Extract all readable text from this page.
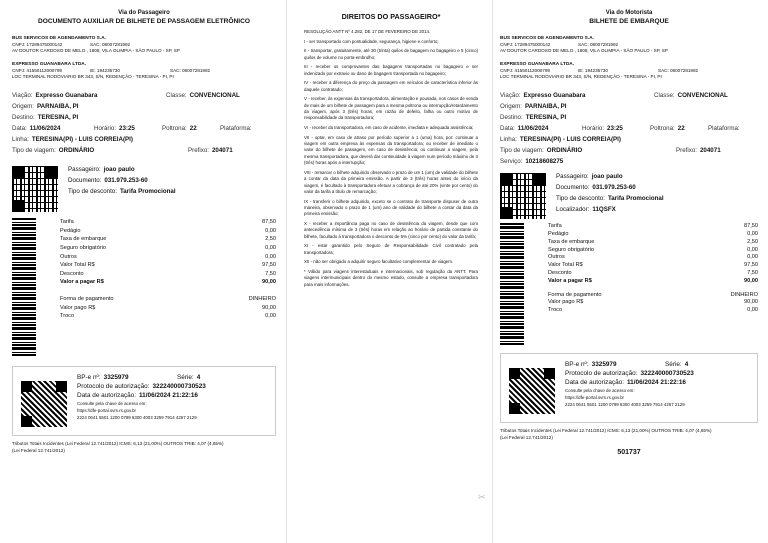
Via do Passageiro
DOCUMENTO AUXILIAR DE BILHETE DE PASSAGEM ELETRÔNICO
BUS SERVICOS DE AGENDAMENTO S.A.
CNPJ: 17289475000142	SAC: 08007281992
AV DOUTOR CARDOSO DE MELO , 1608, VILA OLIMPIA - SÃO PAULO - SP, SP
EXPRESSO GUANABARA LTDA.
CNPJ: 41550112000799	IE: 194236730	SAC: 08007281992
LOC TERMINAL RODOVIARIO BR 343, S/N, REDENÇÃO - TERESINA - PI, PI
Viação: Expresso Guanabara	Classe: CONVENCIONAL
Origem: PARNAIBA, PI
Destino: TERESINA, PI
Data: 11/06/2024	Horário: 23:25	Poltrona: 22	Plataforma:
Linha: TERESINA(PI) - LUIS CORREIA(PI)
Tipo de viagem: ORDINÁRIO	Prefixo: 204071
Passageiro: joao paulo
Documento: 031.979.253-60
Tipo de desconto: Tarifa Promocional
Tarifa	87,50
Pedágio	0,00
Taxa de embarque	2,50
Seguro obrigatório	0,00
Outros	0,00
Valor Total R$	97,50
Desconto	7,50
Valor a pagar R$	90,00
Forma de pagamento	DINHEIRO
Valor pago R$	90,00
Troco	0,00
BP-e nº: 3325979	Série: 4
Protocolo de autorização: 322240000730523
Data de autorização: 11/06/2024 21:22:16
Consulte pela chave de acesso em:
https://dfe-portal.svrs.rs.gov.br
2224 0641 5501 1200 0799 6300 4003 3259 7914 4267 2129
Tributos Totais Incidentes (Lei Federal 12.741/2012) ICMS: 6,13 (21,00%) OUTROS TRIB: 4,07 (4,65%)
(Lei Federal 12.741/2012)
DIREITOS DO PASSAGEIRO*

RESOLUÇÃO ANTT Nº 4.282, DE 17 DE FEVEREIRO DE 2014.

I - ser transportado com pontualidade, segurança, higiene e conforto;

II - transportar, gratuitamente, até 30 (trinta) quilos de bagagem no bagageiro e 5 (cinco) quilos de volume no porta-embrulho;

III - receber os comprovantes das bagagens transportadas no bagageiro e ser indenizado por extravio ou dano de bagagem transportada no bagageiro;

IV - receber a diferença do preço da passagem em veículos de característica inferior às daquele contratado;

V - receber, às expensas da transportadora, alimentação e pousada, nos casos de venda de mais de um bilhete de passagem para a mesma poltrona ou interrupção/retardamento da viagem, após 3 (três) horas, em razão de defeito, falha ou outro motivo de responsabilidade da transportadora;

VI - receber da transportadora, em caso de acidente, imediata e adequada assistência;

VII - optar, em caso de atraso por período superior a 1 (uma) hora, por: continuar a viagem em outra empresa às expensas da transportadora; ou receber de imediato o valor do bilhete de passagem, em caso de desistência; ou continuar a viagem, pela mesma transportadora, que deverá dar continuidade à viagem num período máximo de 3 (três) horas após a interrupção;

VIII - remarcar o bilhete adquirido observado o prazo de um 1 (um) de validade do bilhete a contar da data da primeira emissão. A partir de 3 (três) horas antes do início da viagem, é facultado à transportadora efetuar a cobrança de até 20% (vinte por cento) do valor da tarifa a título de remarcação;

IX - transferir o bilhete adquirido, exceto se o contrato de transporte dispuser de outra maneira, observado o prazo de 1 (um) ano de validade do bilhete a contar da data da primeira emissão;

X - receber a importância paga no caso de desistência da viagem, desde que com antecedência mínima de 3 (três) horas em relação ao horário de partida constante do bilhete, facultado à transportadora o desconto de 5% (cinco por cento) do valor da tarifa;

XI - estar garantido pelo Seguro de Responsabilidade Civil contratado pela transportadora;

XII - não ser obrigado a adquirir seguro facultativo complementar de viagem.

* Válido para viagens interestaduais e internacionais, sob regulação da ANTT. Para viagens intermunicipais dentro do mesmo estado, consulte a empresa transportadora para mais informações.

✂
Via do Motorista
BILHETE DE EMBARQUE
BUS SERVICOS DE AGENDAMENTO S.A.
CNPJ: 17289475000142	SAC: 08007281992
AV DOUTOR CARDOSO DE MELO , 1608, VILA OLIMPIA - SÃO PAULO - SP, SP
EXPRESSO GUANABARA LTDA.
CNPJ: 41550112000799	IE: 194236730	SAC: 08007281992
LOC TERMINAL RODOVIARIO BR 343, S/N, REDENÇÃO - TERESINA - PI, PI
Viação: Expresso Guanabara	Classe: CONVENCIONAL
Origem: PARNAIBA, PI
Destino: TERESINA, PI
Data: 11/06/2024	Horário: 23:25	Poltrona: 22	Plataforma:
Linha: TERESINA(PI) - LUIS CORREIA(PI)
Tipo de viagem: ORDINÁRIO	Prefixo: 204071
Serviço: 10218608275
Passageiro: joao paulo
Documento: 031.979.253-60
Tipo de desconto: Tarifa Promocional
Localizador: 11QSFX
Tarifa	87,50
Pedágio	0,00
Taxa de embarque	2,50
Seguro obrigatório	0,00
Outros	0,00
Valor Total R$	97,50
Desconto	7,50
Valor a pagar R$	90,00
Forma de pagamento	DINHEIRO
Valor pago R$	90,00
Troco	0,00
BP-e nº: 3325979	Série: 4
Protocolo de autorização: 322240000730523
Data de autorização: 11/06/2024 21:22:16
Consulte pela chave de acesso em:
https://dfe-portal.svrs.rs.gov.br
2224 0641 5501 1200 0799 6300 4003 3259 7914 4267 2129
Tributos Totais Incidentes (Lei Federal 12.741/2012) ICMS: 6,13 (21,00%) OUTROS TRIB: 4,07 (4,65%)
(Lei Federal 12.741/2012)
501737
